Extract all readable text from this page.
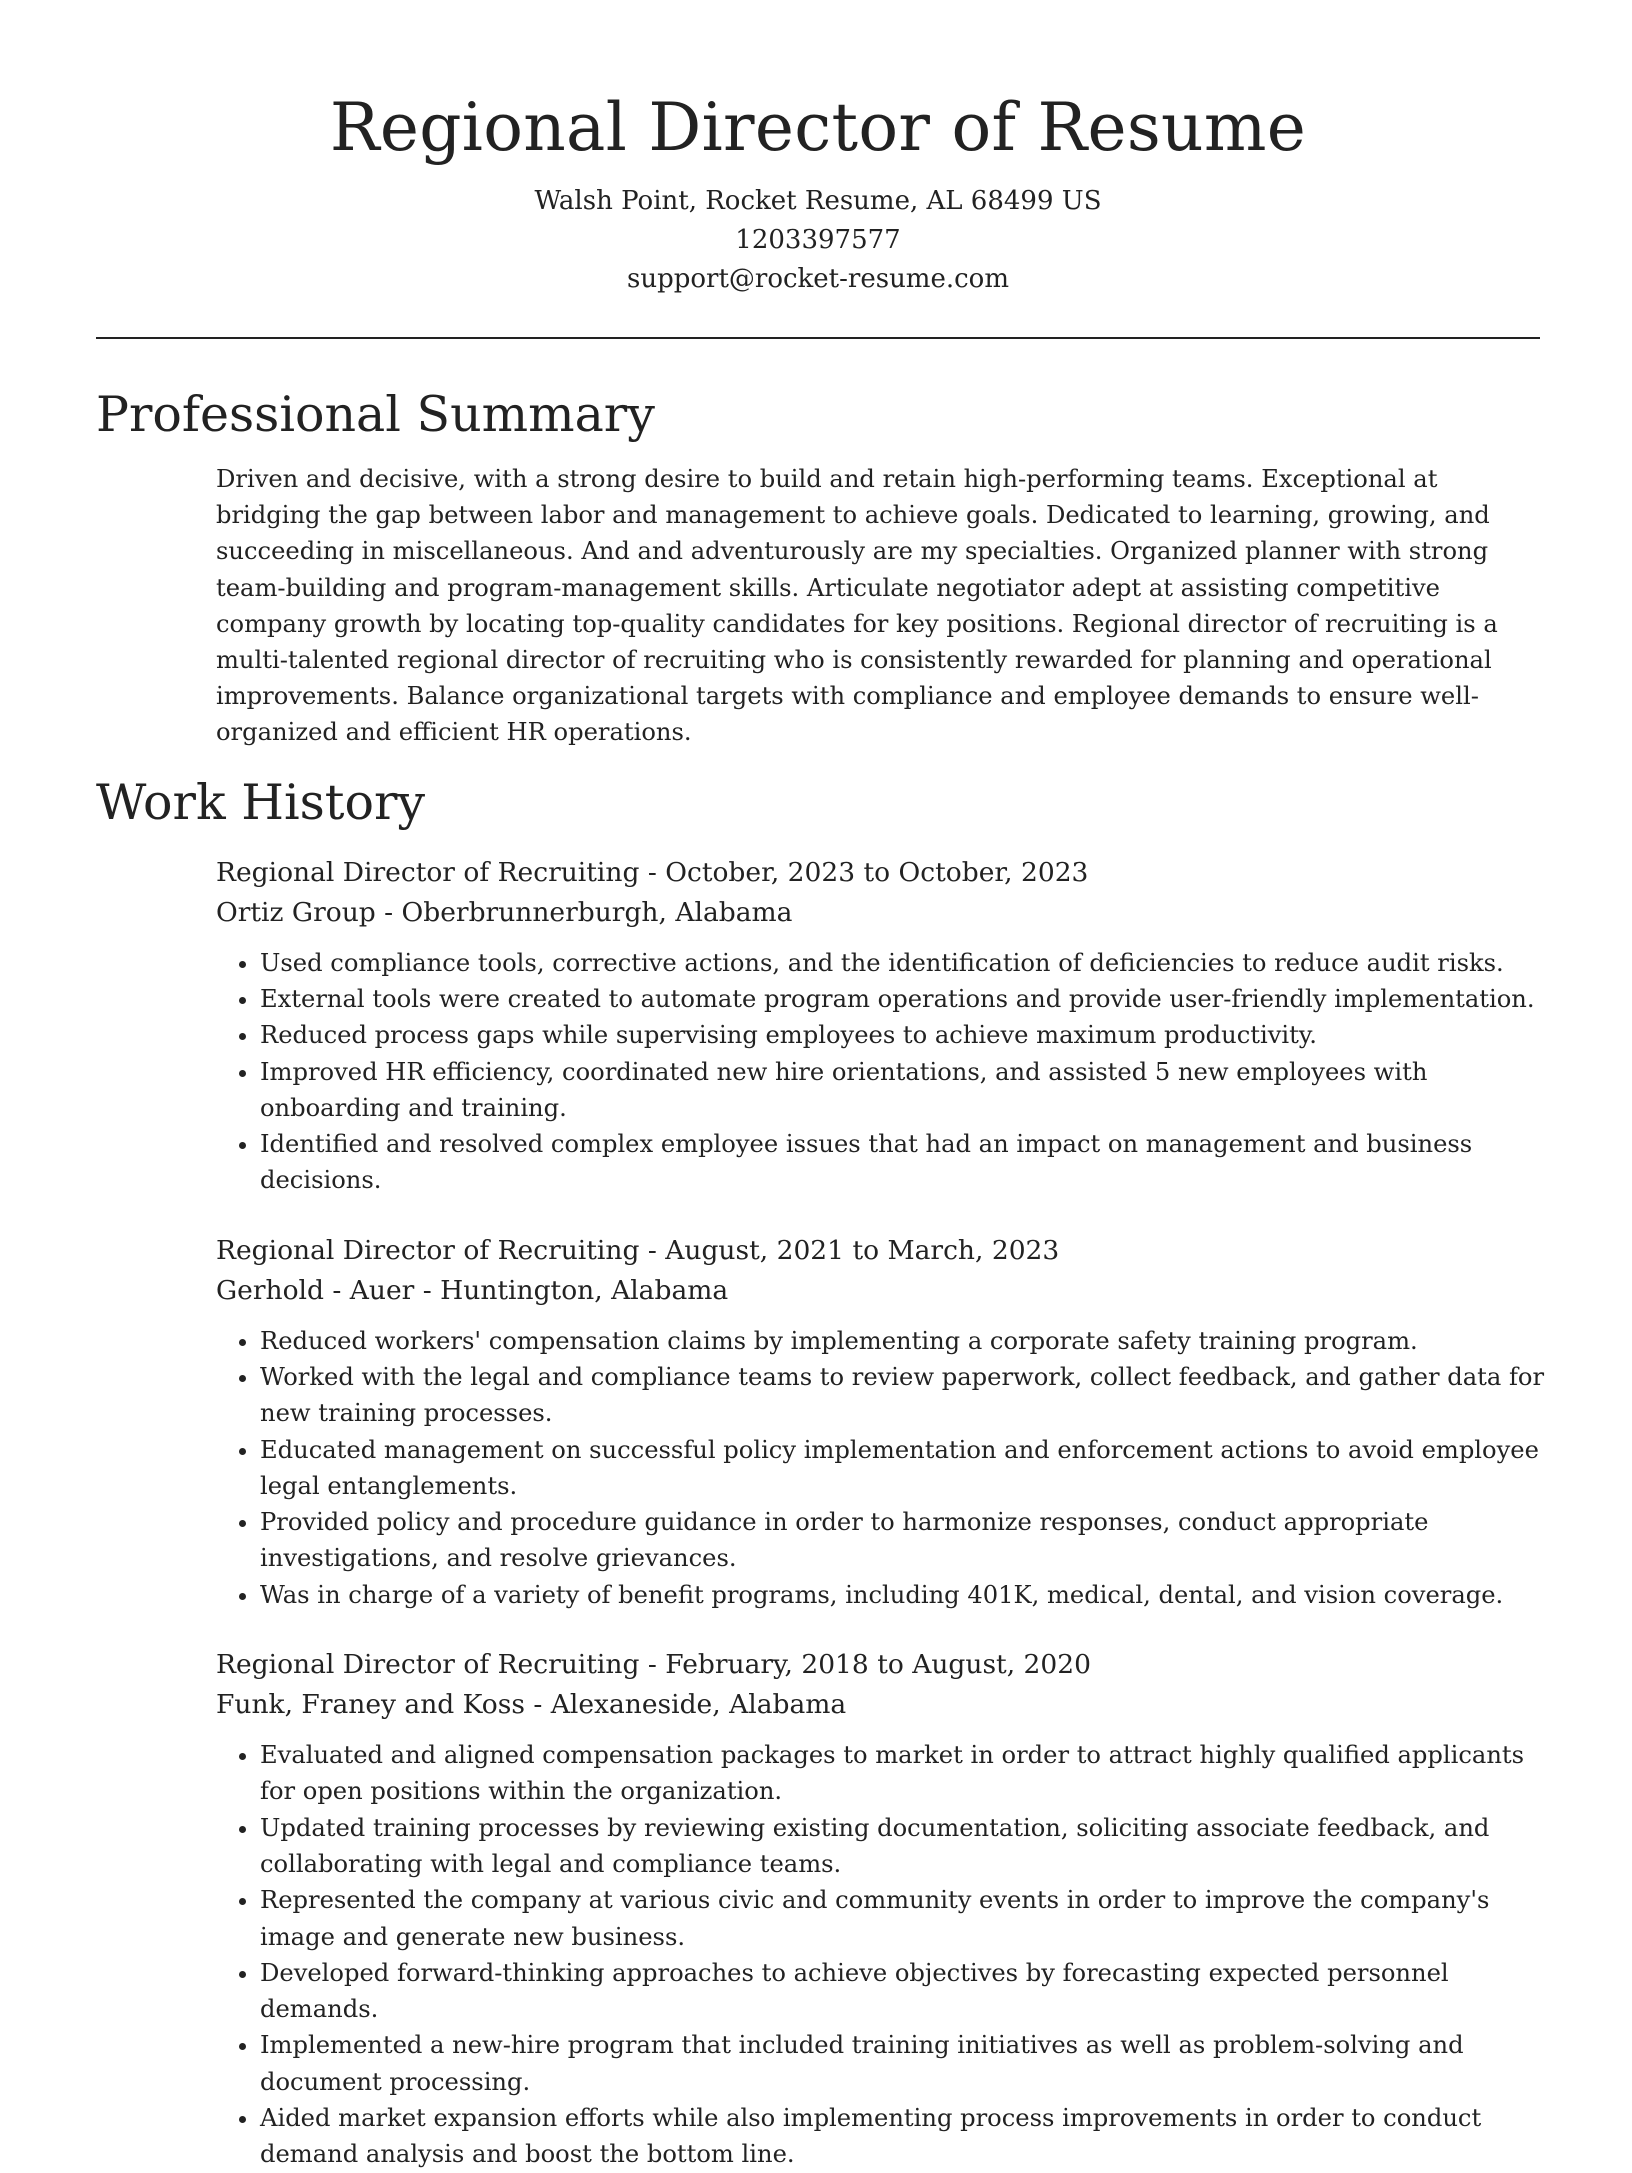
Regional Director of Resume

Walsh Point, Rocket Resume, AL 68499 US

1203397577

support@rocket-resume.com

Professional Summary

Driven and decisive, with a strong desire to build and retain high-performing teams. Exceptional at bridging the gap between labor and management to achieve goals. Dedicated to learning, growing, and succeeding in miscellaneous. And and adventurously are my specialties. Organized planner with strong team-building and program-management skills. Articulate negotiator adept at assisting competitive company growth by locating top-quality candidates for key positions. Regional director of recruiting is a multi-talented regional director of recruiting who is consistently rewarded for planning and operational improvements. Balance organizational targets with compliance and employee demands to ensure well-organized and efficient HR operations.

Work History

Regional Director of Recruiting - October, 2023 to October, 2023

Ortiz Group - Oberbrunnerburgh, Alabama

• Used compliance tools, corrective actions, and the identification of deficiencies to reduce audit risks.
• External tools were created to automate program operations and provide user-friendly implementation.
• Reduced process gaps while supervising employees to achieve maximum productivity.
• Improved HR efficiency, coordinated new hire orientations, and assisted 5 new employees with onboarding and training.
• Identified and resolved complex employee issues that had an impact on management and business decisions.

Regional Director of Recruiting - August, 2021 to March, 2023

Gerhold - Auer - Huntington, Alabama

• Reduced workers' compensation claims by implementing a corporate safety training program.
• Worked with the legal and compliance teams to review paperwork, collect feedback, and gather data for new training processes.
• Educated management on successful policy implementation and enforcement actions to avoid employee legal entanglements.
• Provided policy and procedure guidance in order to harmonize responses, conduct appropriate investigations, and resolve grievances.
• Was in charge of a variety of benefit programs, including 401K, medical, dental, and vision coverage.

Regional Director of Recruiting - February, 2018 to August, 2020

Funk, Franey and Koss - Alexaneside, Alabama

• Evaluated and aligned compensation packages to market in order to attract highly qualified applicants for open positions within the organization.
• Updated training processes by reviewing existing documentation, soliciting associate feedback, and collaborating with legal and compliance teams.
• Represented the company at various civic and community events in order to improve the company's image and generate new business.
• Developed forward-thinking approaches to achieve objectives by forecasting expected personnel demands.
• Implemented a new-hire program that included training initiatives as well as problem-solving and document processing.
• Aided market expansion efforts while also implementing process improvements in order to conduct demand analysis and boost the bottom line.
